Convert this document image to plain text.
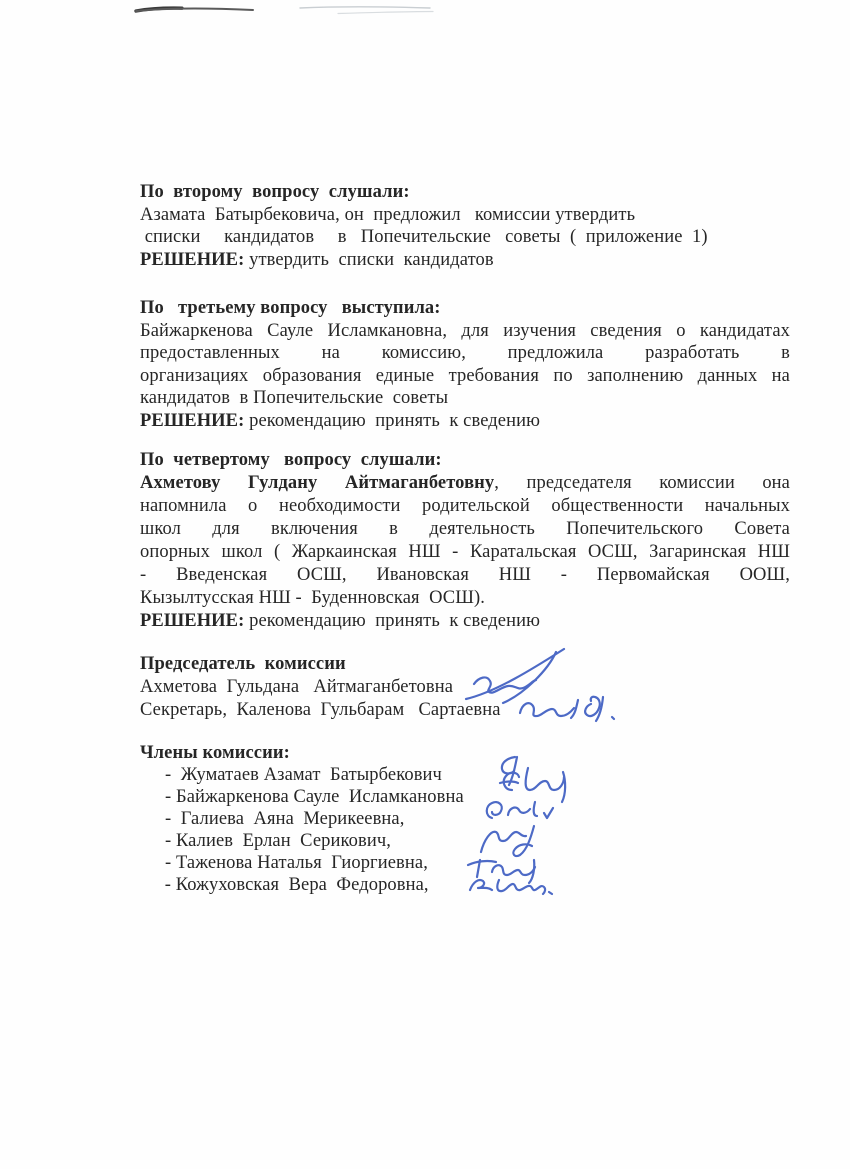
По  второму  вопросу  слушали:
Азамата  Батырбековича, он  предложил   комиссии утвердить
списки     кандидатов     в   Попечительские   советы  (  приложение  1)
РЕШЕНИЕ: утвердить  списки  кандидатов
По   третьему вопросу   выступила:
Байжаркенова Сауле Исламкановна, для изучения сведения о кандидатах
предоставленных на комиссию, предложила разработать в
организациях образования единые требования по заполнению данных на
кандидатов  в Попечительские  советы
РЕШЕНИЕ: рекомендацию  принять  к сведению
По  четвертому   вопросу  слушали:
Ахметову Гулдану Айтмаганбетовну, председателя комиссии она
напомнила о необходимости родительской общественности начальных
школ для включения в деятельность Попечительского Совета
опорных школ ( Жаркаинская НШ - Каратальская ОСШ, Загаринская НШ
- Введенская ОСШ, Ивановская НШ - Первомайская ООШ,
Кызылтусская НШ -  Буденновская  ОСШ).
РЕШЕНИЕ: рекомендацию  принять  к сведению
Председатель  комиссии
Ахметова  Гульдана   Айтмаганбетовна
Секретарь,  Каленова  Гульбарам   Сартаевна
Члены комиссии:
-  Жуматаев Азамат  Батырбекович
- Байжаркенова Сауле  Исламкановна
-  Галиева  Аяна  Мерикеевна,
- Калиев  Ерлан  Серикович,
- Таженова Наталья  Гиоргиевна,
- Кожуховская  Вера  Федоровна,
